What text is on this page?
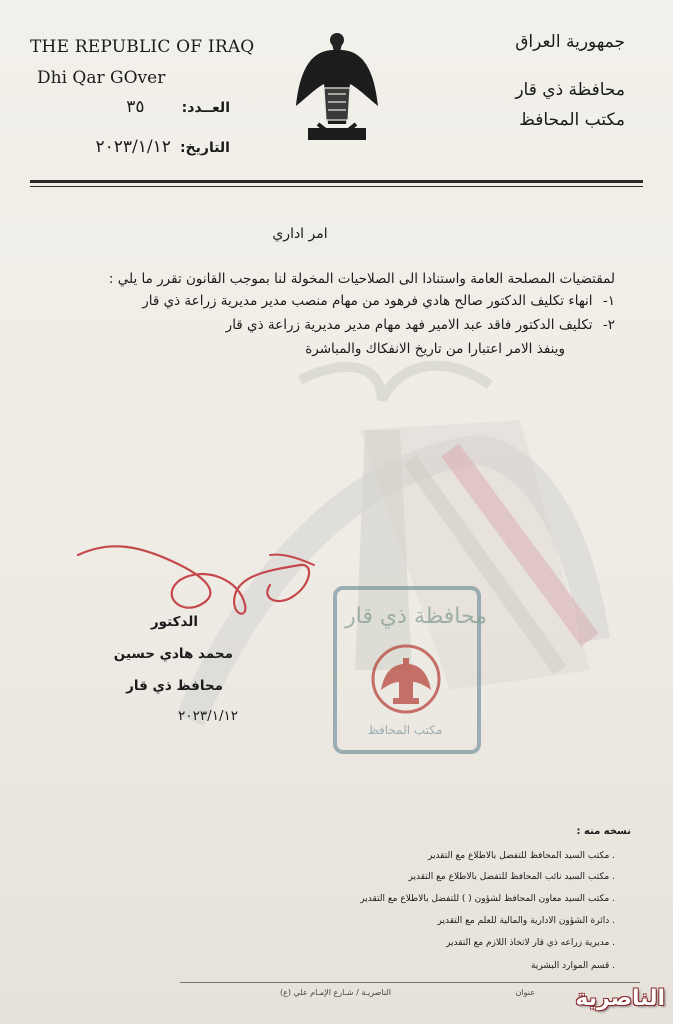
THE REPUBLIC OF IRAQ
Dhi Qar GOver
العــدد: ٣٥
التاريخ: ٢٠٢٣/١/١٢
جمهورية العراق
محافظة ذي قار
مكتب المحافظ
امر اداري
لمقتضيات المصلحة العامة واستنادا الى الصلاحيات المخولة لنا بموجب القانون تقرر ما يلي :
١- انهاء تكليف الدكتور صالح هادي فرهود من مهام منصب مدير مديرية زراعة ذي قار
٢- تكليف الدكتور فاقد عبد الامير فهد مهام مدير مديرية زراعة ذي قار
وينفذ الامر اعتبارا من تاريخ الانفكاك والمباشرة
محافظة ذي قار
مكتب المحافظ
الدكتور
محمد هادي حسين
محافظ ذي قار
٢٠٢٣/١/١٢
نسخه منه :
. مكتب السيد المحافظ للتفضل بالاطلاع مع التقدير
. مكتب السيد نائب المحافظ للتفضل بالاطلاع مع التقدير
. مكتب السيد معاون المحافظ لشؤون ( ) للتفضل بالاطلاع مع التقدير
. دائرة الشؤون الادارية والمالية للعلم مع التقدير
. مديرية زراعه ذي قار لاتخاذ اللازم مع التقدير
. قسم الموارد البشرية
عنوان
الناصريـة / شـارع الإمـام علي (ع)	الناصرية
